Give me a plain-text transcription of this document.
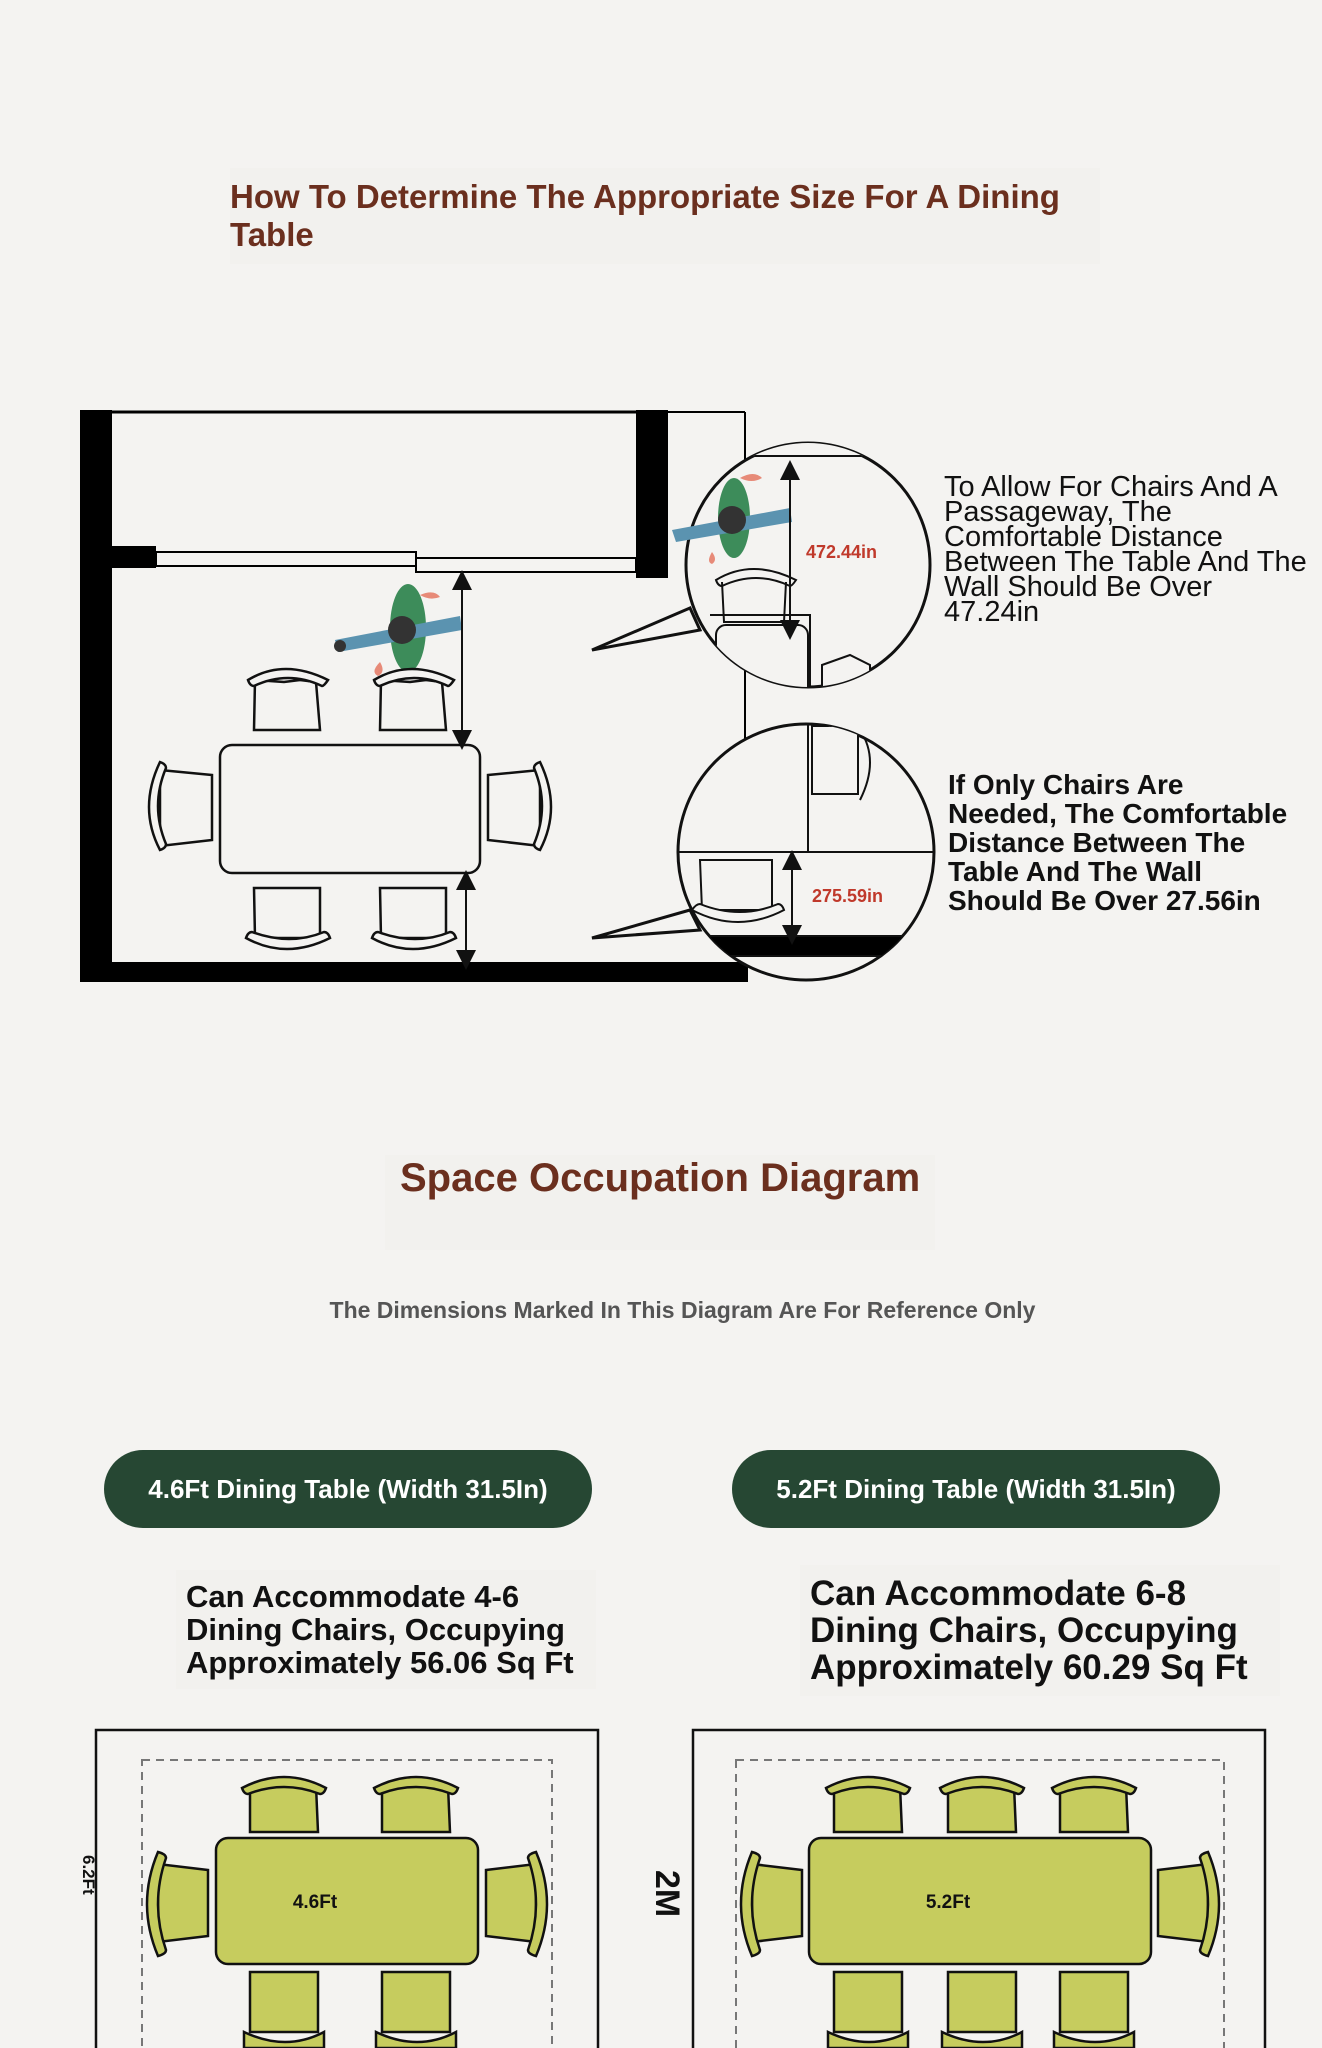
How To Determine The Appropriate Size For A Dining Table
472.44in
275.59in
To Allow For Chairs And A Passageway, The Comfortable Distance Between The Table And The Wall Should Be Over 47.24in
If Only Chairs Are Needed, The Comfortable Distance Between The Table And The Wall Should Be Over 27.56in
Space Occupation Diagram
The Dimensions Marked In This Diagram Are For Reference Only
4.6Ft Dining Table (Width 31.5In)	5.2Ft Dining Table (Width 31.5In)
Can Accommodate 4-6 Dining Chairs, Occupying Approximately 56.06 Sq Ft
Can Accommodate 6-8 Dining Chairs, Occupying Approximately 60.29 Sq Ft
4.6Ft	5.2Ft
6.2Ft	2M
